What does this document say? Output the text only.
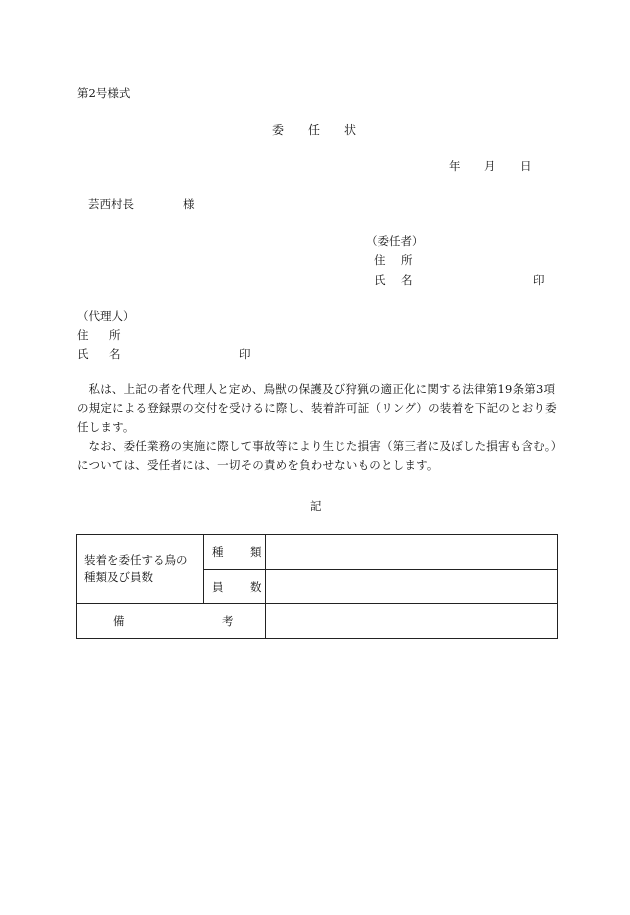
第2号様式
委 任 状
年 月 日
芸西村長	様
（委任者）
住 所
氏 名	印
（代理人）
住 所
氏 名	印

私は、上記の者を代理人と定め、鳥獣の保護及び狩猟の適正化に関する法律第19条第3項の規定による登録票の交付を受けるに際し、装着許可証（リング）の装着を下記のとおり委任します。

なお、委任業務の実施に際して事故等により生じた損害（第三者に及ぼした損害も含む。）については、受任者には、一切その責めを負わせないものとします。

記
装着を委任する鳥の
種類及び員数	種 類	

	員 数	

備 考		
